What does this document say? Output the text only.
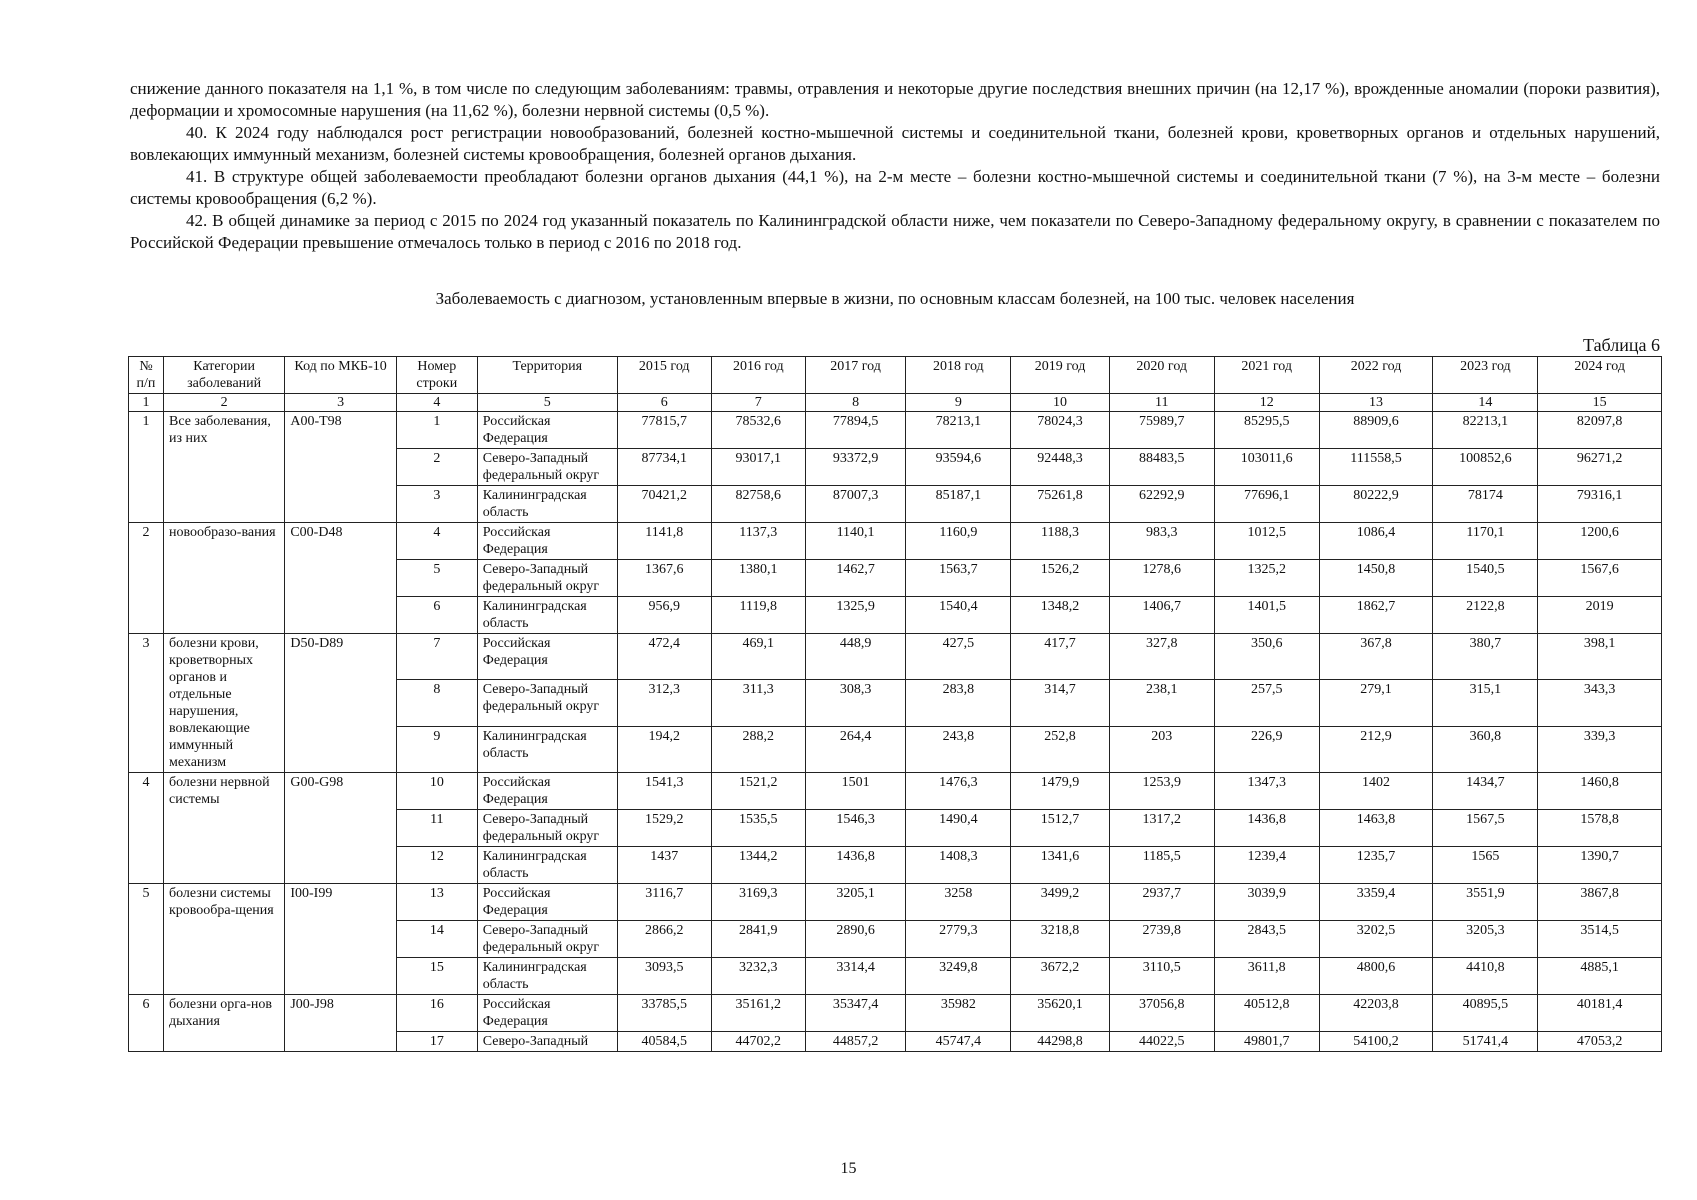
снижение данного показателя на 1,1 %, в том числе по следующим заболеваниям: травмы, отравления и некоторые другие последствия внешних причин (на 12,17 %), врожденные аномалии (пороки развития), деформации и хромосомные нарушения (на 11,62 %), болезни нервной системы (0,5 %).

40. К 2024 году наблюдался рост регистрации новообразований, болезней костно-мышечной системы и соединительной ткани, болезней крови, кроветворных органов и отдельных нарушений, вовлекающих иммунный механизм, болезней системы кровообращения, болезней органов дыхания.

41. В структуре общей заболеваемости преобладают болезни органов дыхания (44,1 %), на 2-м месте – болезни костно-мышечной системы и соединительной ткани (7 %), на 3-м месте – болезни системы кровообращения (6,2 %).

42. В общей динамике за период с 2015 по 2024 год указанный показатель по Калининградской области ниже, чем показатели по Северо-Западному федеральному округу, в сравнении с показателем по Российской Федерации превышение отмечалось только в период с 2016 по 2018 год.

Заболеваемость с диагнозом, установленным впервые в жизни, по основным классам болезней, на 100 тыс. человек населения
Таблица 6
№ п/п	Категории заболеваний	Код по МКБ-10	Номер строки	Территория	2015 год	2016 год	2017 год	2018 год	2019 год	2020 год	2021 год	2022 год	2023 год	2024 год
1	2	3	4	5	6	7	8	9	10	11	12	13	14	15
1	Все заболевания, из них	A00-T98	1	Российская Федерация	77815,7	78532,6	77894,5	78213,1	78024,3	75989,7	85295,5	88909,6	82213,1	82097,8
			2	Северо-Западный федеральный округ	87734,1	93017,1	93372,9	93594,6	92448,3	88483,5	103011,6	111558,5	100852,6	96271,2
			3	Калининградская область	70421,2	82758,6	87007,3	85187,1	75261,8	62292,9	77696,1	80222,9	78174	79316,1
2	новообразо-вания	C00-D48	4	Российская Федерация	1141,8	1137,3	1140,1	1160,9	1188,3	983,3	1012,5	1086,4	1170,1	1200,6
			5	Северо-Западный федеральный округ	1367,6	1380,1	1462,7	1563,7	1526,2	1278,6	1325,2	1450,8	1540,5	1567,6
			6	Калининградская область	956,9	1119,8	1325,9	1540,4	1348,2	1406,7	1401,5	1862,7	2122,8	2019
3	болезни крови, кроветворных органов и отдельные нарушения, вовлекающие иммунный механизм	D50-D89	7	Российская Федерация	472,4	469,1	448,9	427,5	417,7	327,8	350,6	367,8	380,7	398,1
			8	Северо-Западный федеральный округ	312,3	311,3	308,3	283,8	314,7	238,1	257,5	279,1	315,1	343,3
			9	Калининградская область	194,2	288,2	264,4	243,8	252,8	203	226,9	212,9	360,8	339,3
4	болезни нервной системы	G00-G98	10	Российская Федерация	1541,3	1521,2	1501	1476,3	1479,9	1253,9	1347,3	1402	1434,7	1460,8
			11	Северо-Западный федеральный округ	1529,2	1535,5	1546,3	1490,4	1512,7	1317,2	1436,8	1463,8	1567,5	1578,8
			12	Калининградская область	1437	1344,2	1436,8	1408,3	1341,6	1185,5	1239,4	1235,7	1565	1390,7
5	болезни системы кровообра-щения	I00-I99	13	Российская Федерация	3116,7	3169,3	3205,1	3258	3499,2	2937,7	3039,9	3359,4	3551,9	3867,8
			14	Северо-Западный федеральный округ	2866,2	2841,9	2890,6	2779,3	3218,8	2739,8	2843,5	3202,5	3205,3	3514,5
			15	Калининградская область	3093,5	3232,3	3314,4	3249,8	3672,2	3110,5	3611,8	4800,6	4410,8	4885,1
6	болезни орга-нов дыхания	J00-J98	16	Российская Федерация	33785,5	35161,2	35347,4	35982	35620,1	37056,8	40512,8	42203,8	40895,5	40181,4
			17	Северо-Западный	40584,5	44702,2	44857,2	45747,4	44298,8	44022,5	49801,7	54100,2	51741,4	47053,2
15
